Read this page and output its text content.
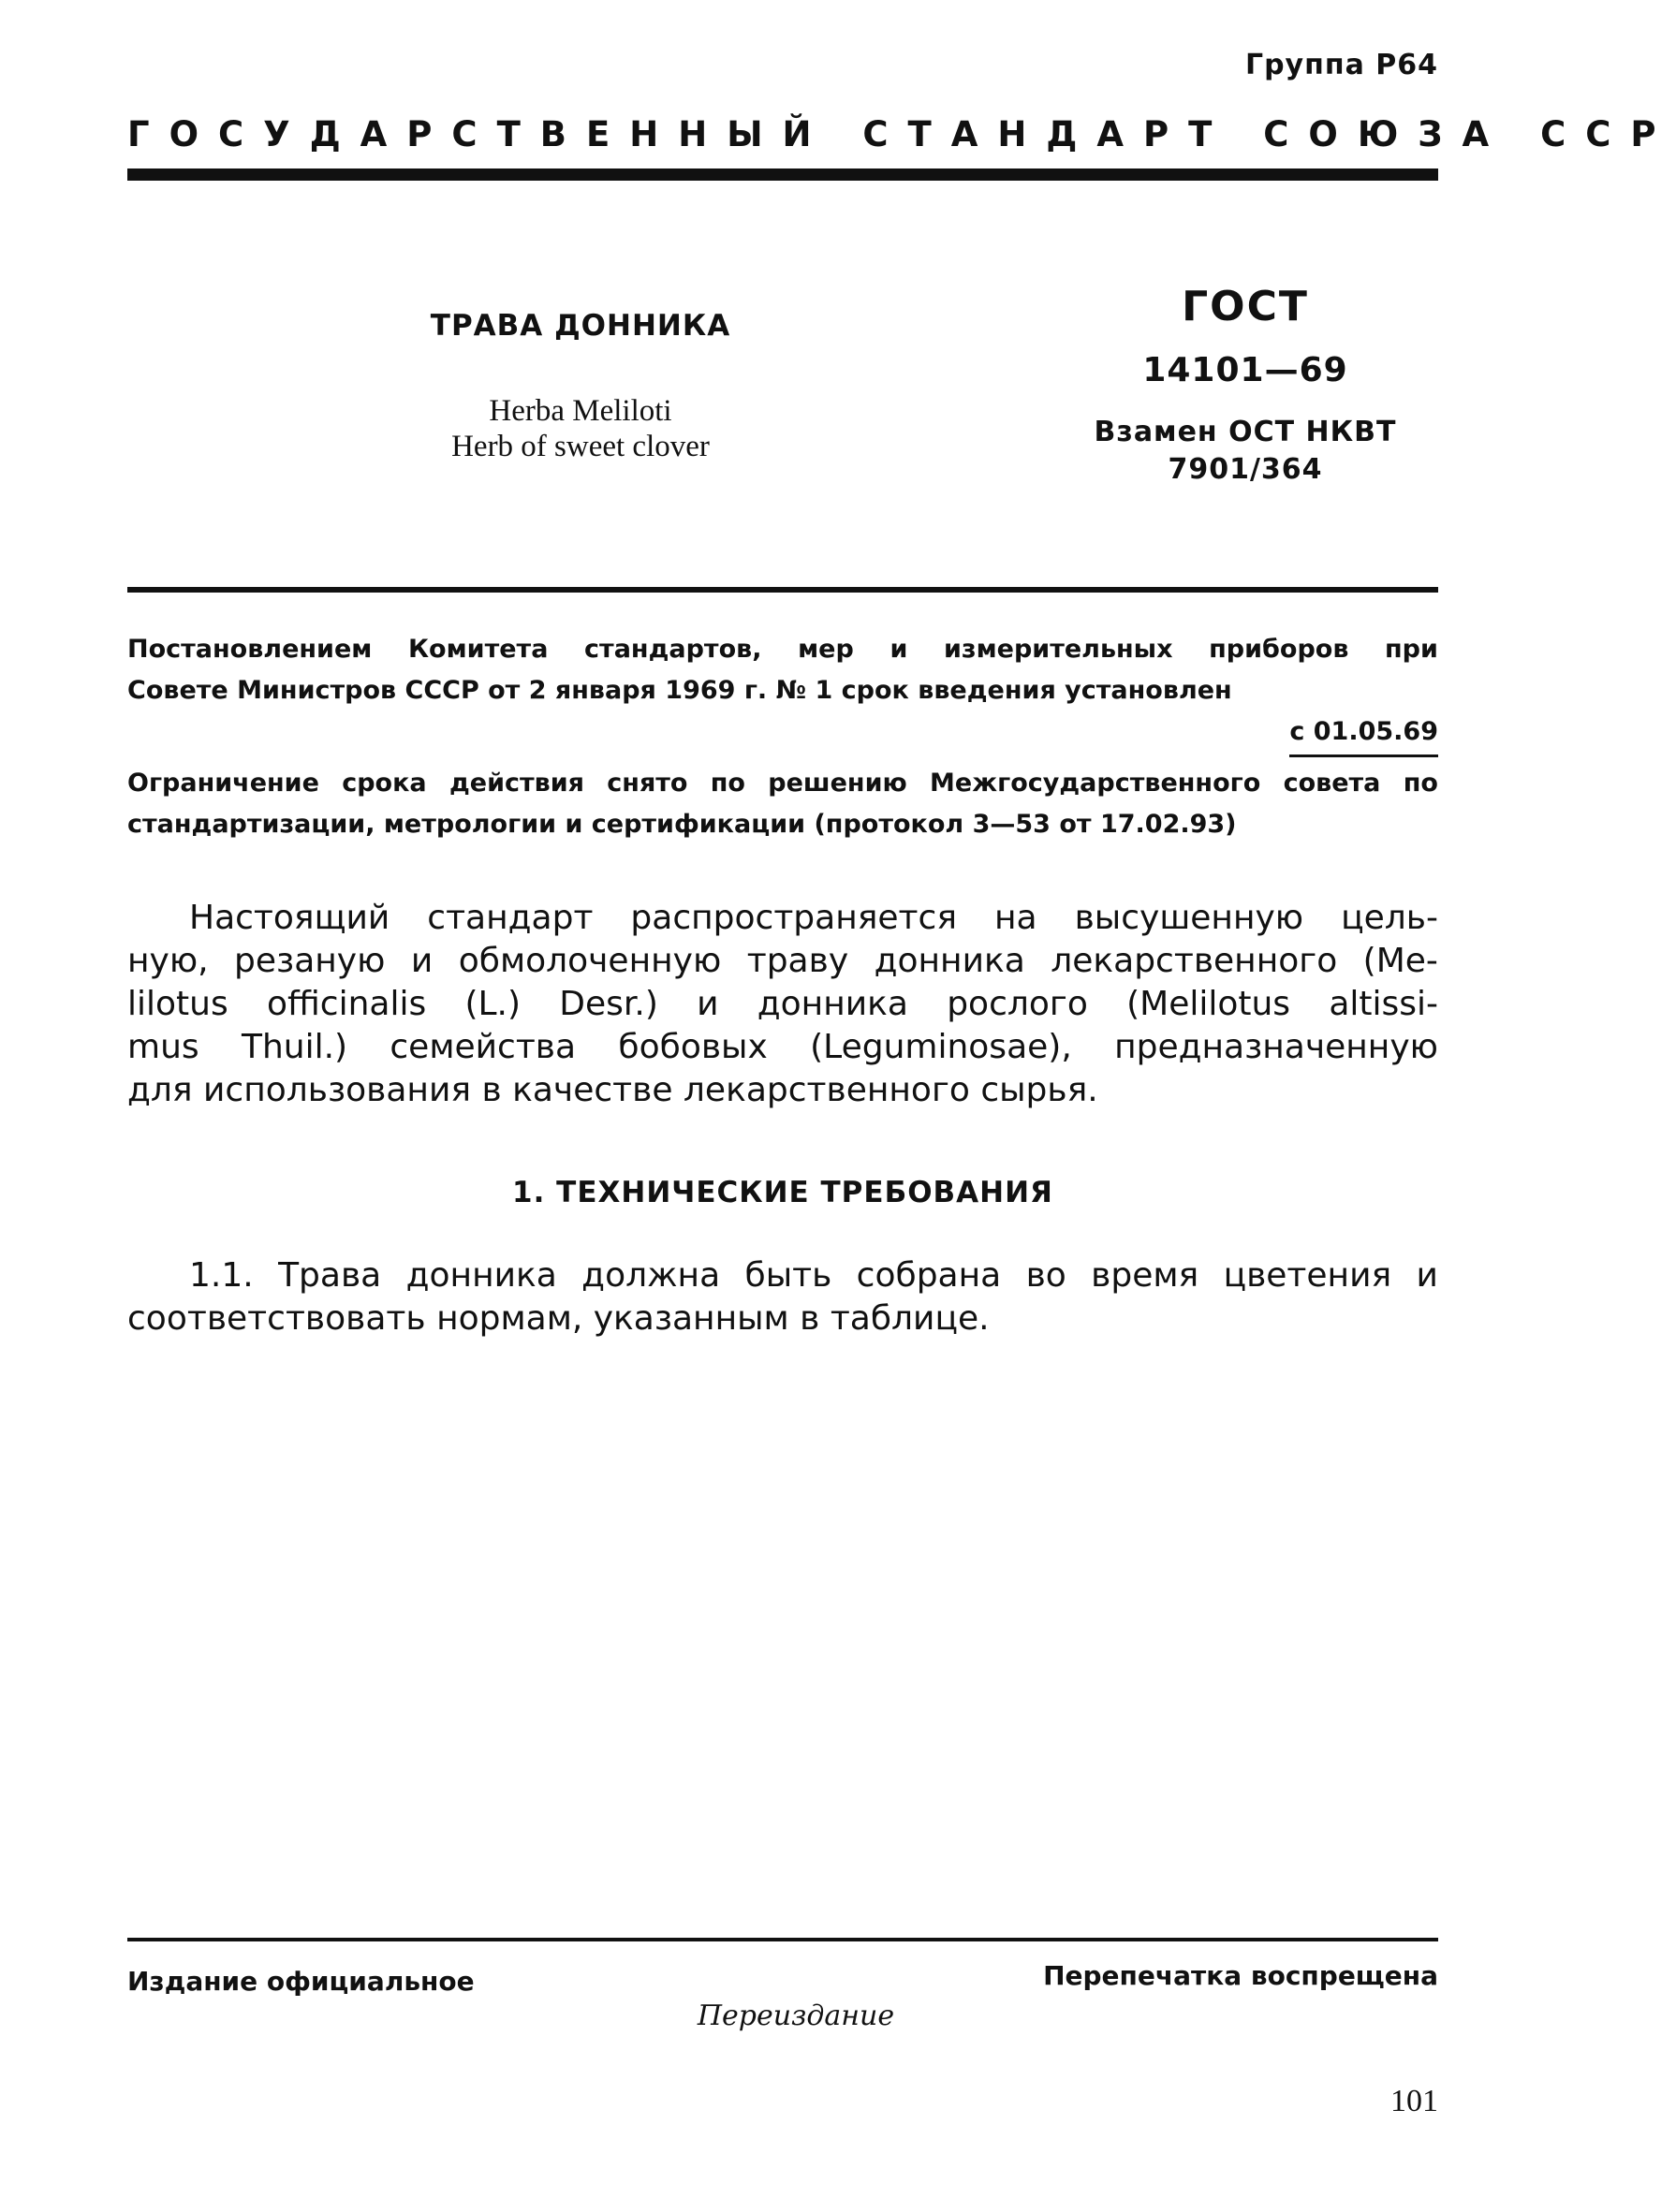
Группа Р64
ГОСУДАРСТВЕННЫЙ СТАНДАРТ СОЮЗА ССР
ТРАВА ДОННИКА
Herba Meliloti
Herb of sweet clover
ГОСТ
14101—69
Взамен ОСТ НКВТ
7901/364
Постановлением Комитета стандартов, мер и измерительных приборов при
Совете Министров СССР от 2 января 1969 г. № 1 срок введения установлен
с 01.05.69
Ограничение срока действия снято по решению Межгосударственного совета по
стандартизации, метрологии и сертификации (протокол 3—53 от 17.02.93)
Настоящий стандарт распространяется на высушенную цель-
ную, резаную и обмолоченную траву донника лекарственного (Ме-
lilotus officinalis (L.) Desr.) и донника рослого (Melilotus altissi-
mus Thuil.) семейства бобовых (Leguminosae), предназначенную
для использования в качестве лекарственного сырья.
1. ТЕХНИЧЕСКИЕ ТРЕБОВАНИЯ
1.1. Трава донника должна быть собрана во время цветения и
соответствовать нормам, указанным в таблице.
Издание официальное	Перепечатка воспрещена
Переиздание
101
